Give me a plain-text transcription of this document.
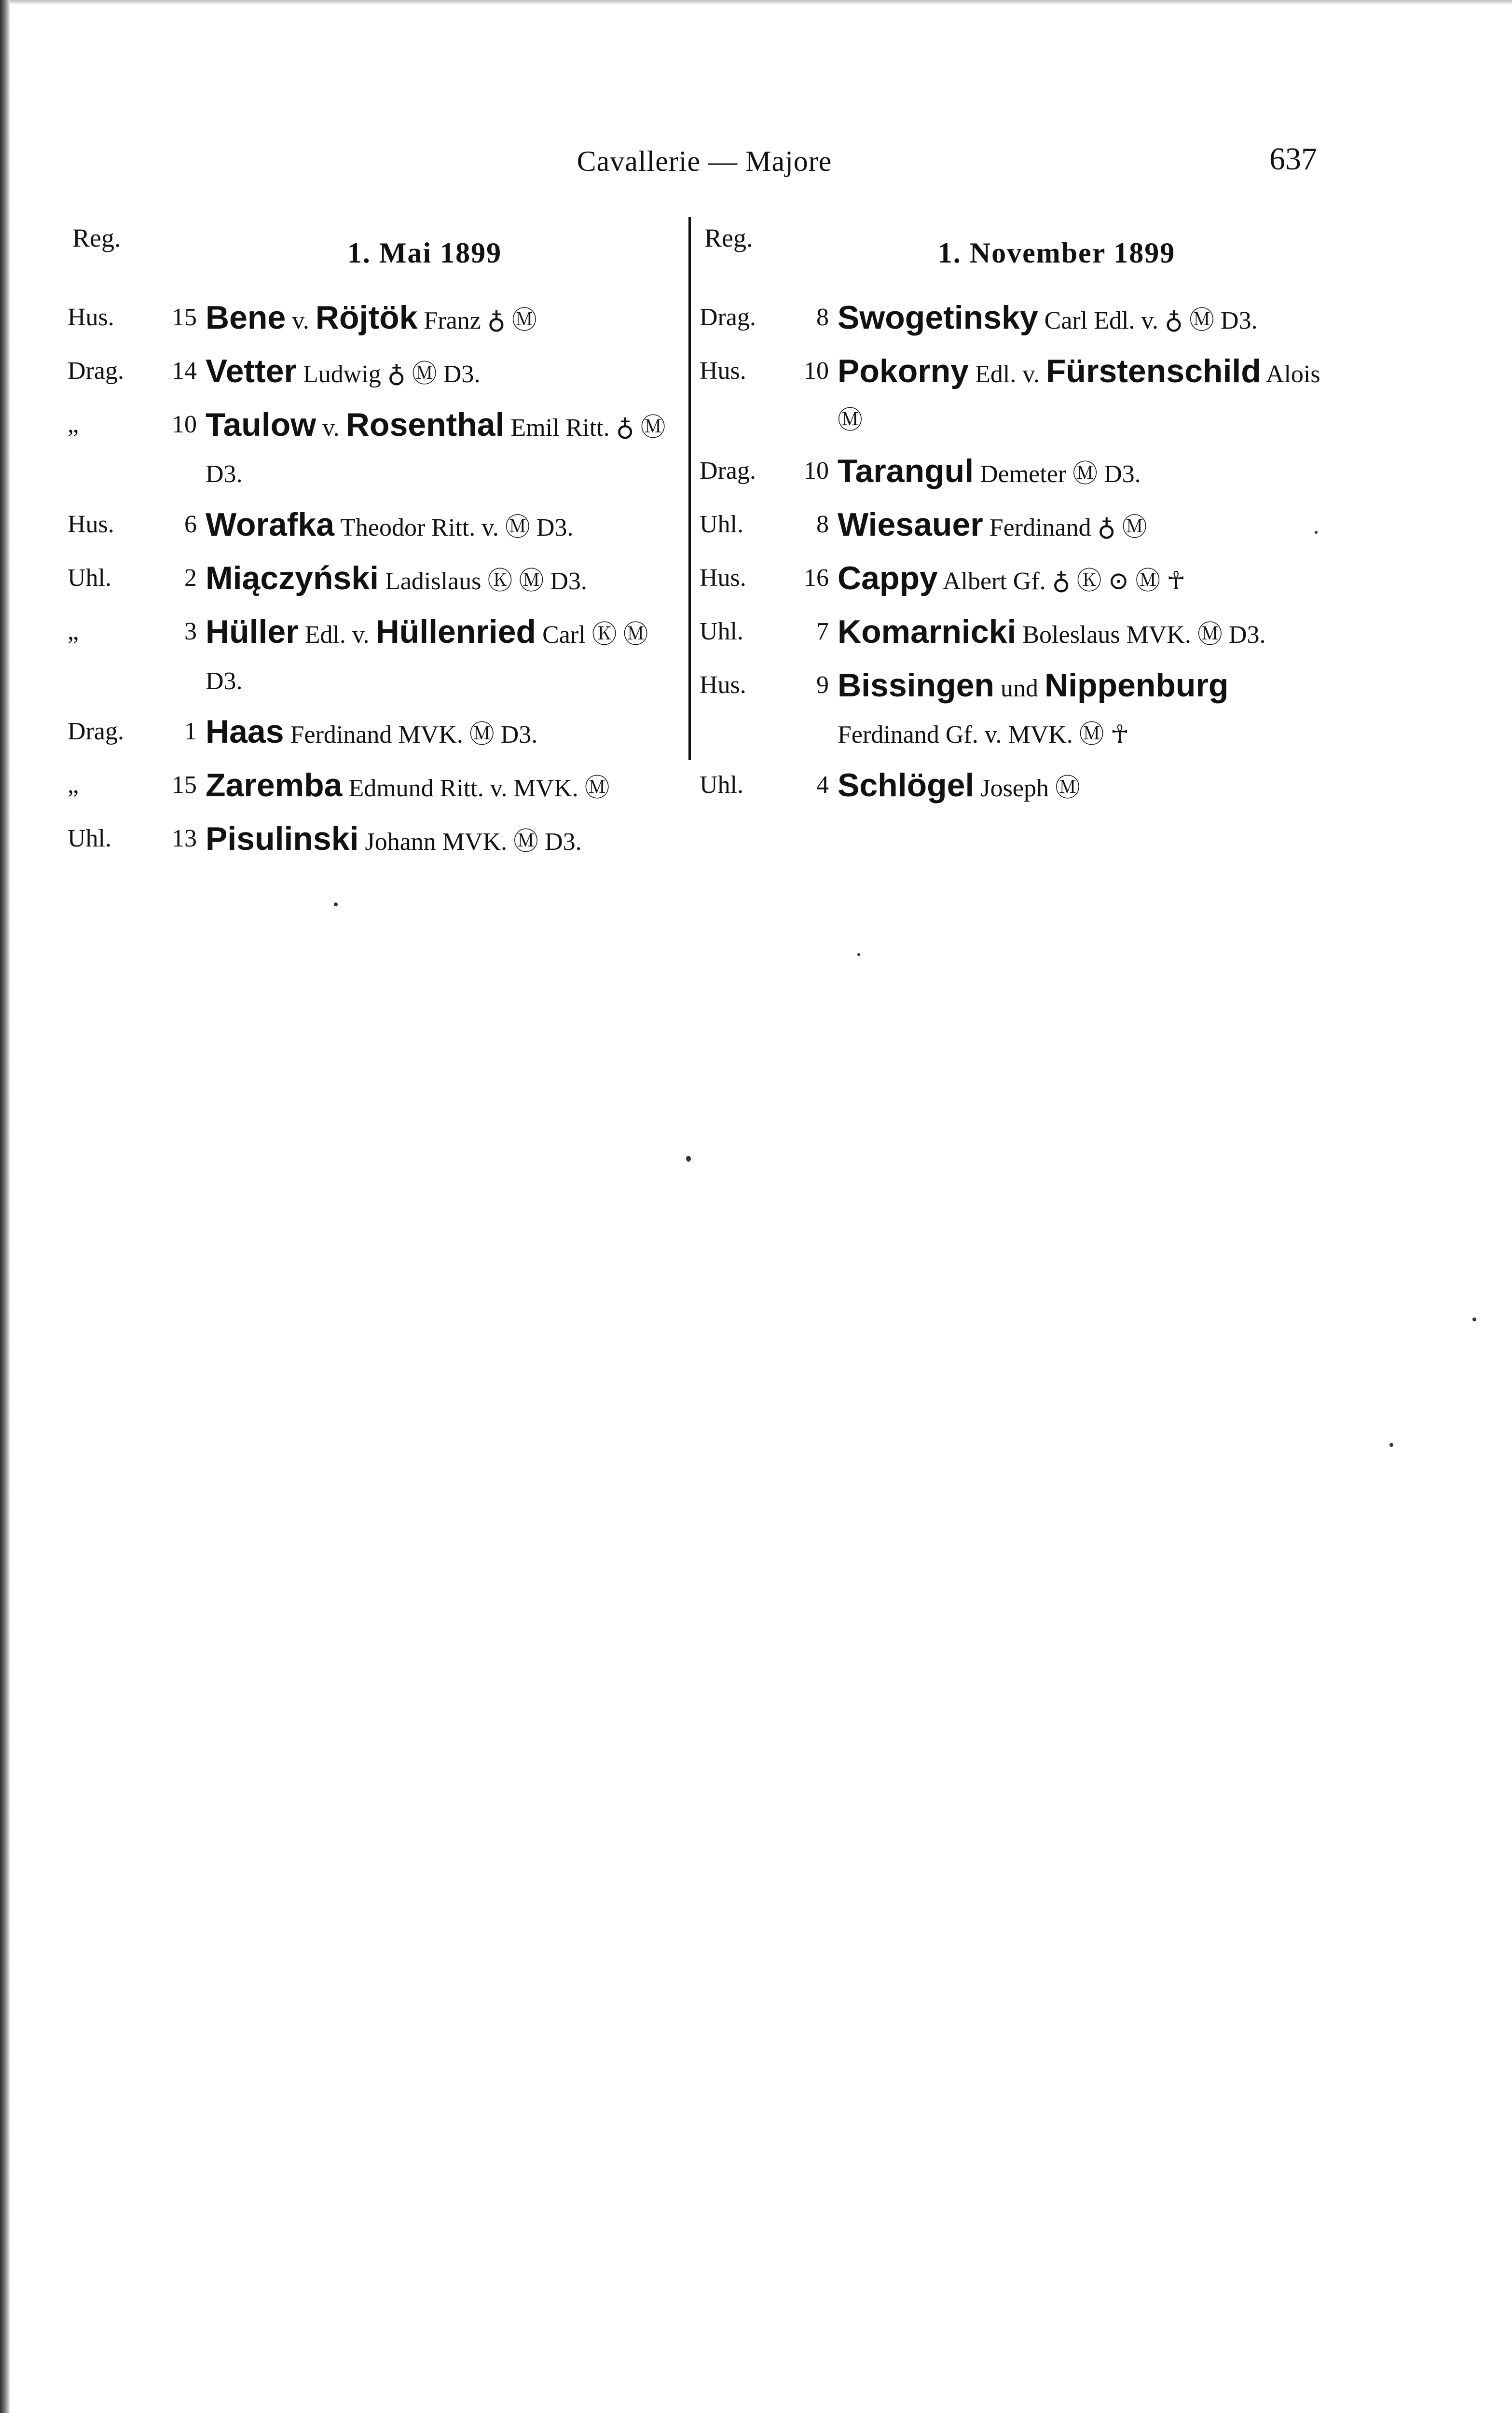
Cavallerie — Majore	637
Reg.	1. Mai 1899
Hus.	15 Bene v. Röjtök Franz ♁ Ⓜ
Drag.	14 Vetter Ludwig ♁ Ⓜ D3.
„	10 Taulow v. Rosenthal Emil Ritt. ♁ Ⓜ D3.
Hus.	6 Worafka Theodor Ritt. v. Ⓜ D3.
Uhl.	2 Miączyński Ladislaus Ⓚ Ⓜ D3.
„	3 Hüller Edl. v. Hüllenried Carl Ⓚ Ⓜ D3.
Drag.	1 Haas Ferdinand MVK. Ⓜ D3.
„	15 Zaremba Edmund Ritt. v. MVK. Ⓜ
Uhl.	13 Pisulinski Johann MVK. Ⓜ D3.
Reg.	1. November 1899
Drag.	8 Swogetinsky Carl Edl. v. ♁ Ⓜ D3.
Hus.	10 Pokorny Edl. v. Fürstenschild Alois Ⓜ
Drag.	10 Tarangul Demeter Ⓜ D3.
Uhl.	8 Wiesauer Ferdinand ♁ Ⓜ
Hus.	16 Cappy Albert Gf. ♁ Ⓚ ⊙ Ⓜ ☥
Uhl.	7 Komarnicki Boleslaus MVK. Ⓜ D3.
Hus.	9 Bissingen und Nippenburg Ferdinand Gf. v. MVK. Ⓜ ☥
Uhl.	4 Schlögel Joseph Ⓜ
